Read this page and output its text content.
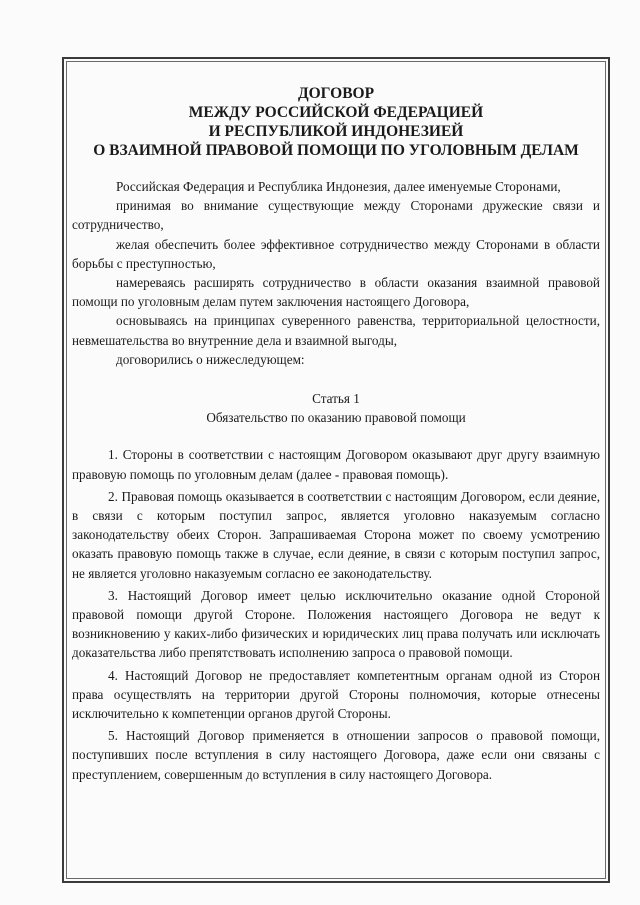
ДОГОВОР
МЕЖДУ РОССИЙСКОЙ ФЕДЕРАЦИЕЙ
И РЕСПУБЛИКОЙ ИНДОНЕЗИЕЙ
О ВЗАИМНОЙ ПРАВОВОЙ ПОМОЩИ ПО УГОЛОВНЫМ ДЕЛАМ

Российская Федерация и Республика Индонезия, далее именуемые Сторонами,

принимая во внимание существующие между Сторонами дружеские связи и сотрудничество,

желая обеспечить более эффективное сотрудничество между Сторонами в области борьбы с преступностью,

намереваясь расширять сотрудничество в области оказания взаимной правовой помощи по уголовным делам путем заключения настоящего Договора,

основываясь на принципах суверенного равенства, территориальной целостности, невмешательства во внутренние дела и взаимной выгоды,

договорились о нижеследующем:

Статья 1
Обязательство по оказанию правовой помощи

1. Стороны в соответствии с настоящим Договором оказывают друг другу взаимную правовую помощь по уголовным делам (далее - правовая помощь).

2. Правовая помощь оказывается в соответствии с настоящим Договором, если деяние, в связи с которым поступил запрос, является уголовно наказуемым согласно законодательству обеих Сторон. Запрашиваемая Сторона может по своему усмотрению оказать правовую помощь также в случае, если деяние, в связи с которым поступил запрос, не является уголовно наказуемым согласно ее законодательству.

3. Настоящий Договор имеет целью исключительно оказание одной Стороной правовой помощи другой Стороне. Положения настоящего Договора не ведут к возникновению у каких-либо физических и юридических лиц права получать или исключать доказательства либо препятствовать исполнению запроса о правовой помощи.

4. Настоящий Договор не предоставляет компетентным органам одной из Сторон права осуществлять на территории другой Стороны полномочия, которые отнесены исключительно к компетенции органов другой Стороны.

5. Настоящий Договор применяется в отношении запросов о правовой помощи, поступивших после вступления в силу настоящего Договора, даже если они связаны с преступлением, совершенным до вступления в силу настоящего Договора.
